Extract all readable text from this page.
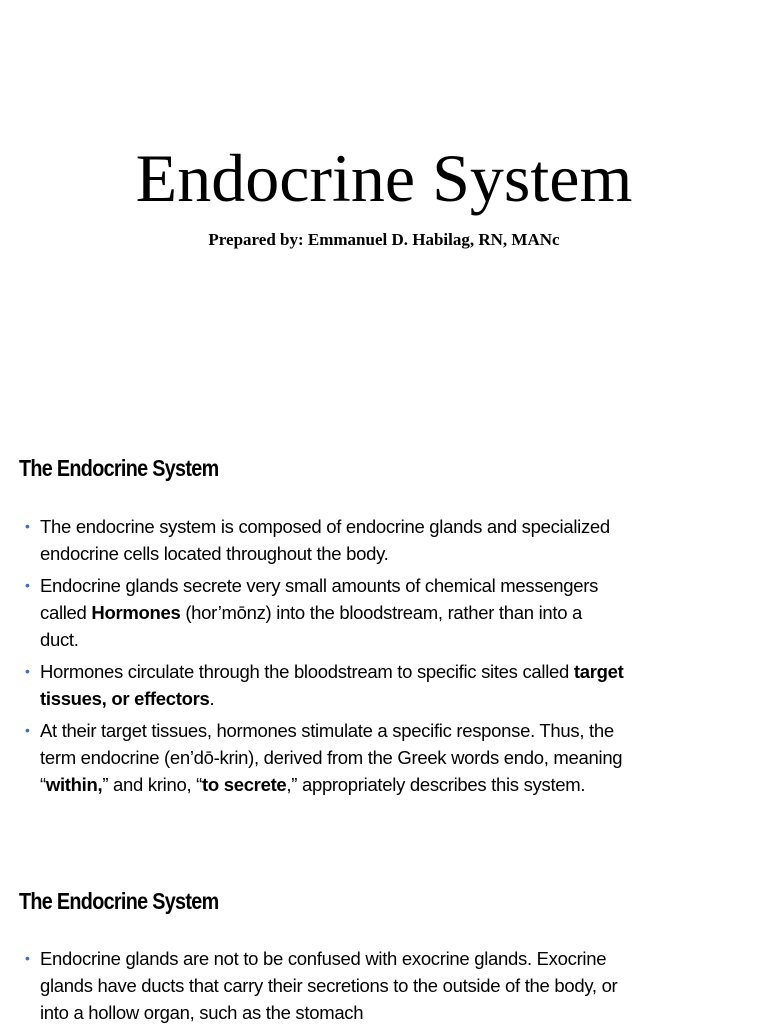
Endocrine System

Prepared by: Emmanuel D. Habilag, RN, MANc

The Endocrine System
• The endocrine system is composed of endocrine glands and specialized endocrine cells located throughout the body.
• Endocrine glands secrete very small amounts of chemical messengers called Hormones (hor’mōnz) into the bloodstream, rather than into a duct.
• Hormones circulate through the bloodstream to specific sites called target tissues, or effectors.
• At their target tissues, hormones stimulate a specific response. Thus, the term endocrine (en’dō-krin), derived from the Greek words endo, meaning “within,” and krino, “to secrete,” appropriately describes this system.
The Endocrine System
• Endocrine glands are not to be confused with exocrine glands. Exocrine glands have ducts that carry their secretions to the outside of the body, or into a hollow organ, such as the stomach
